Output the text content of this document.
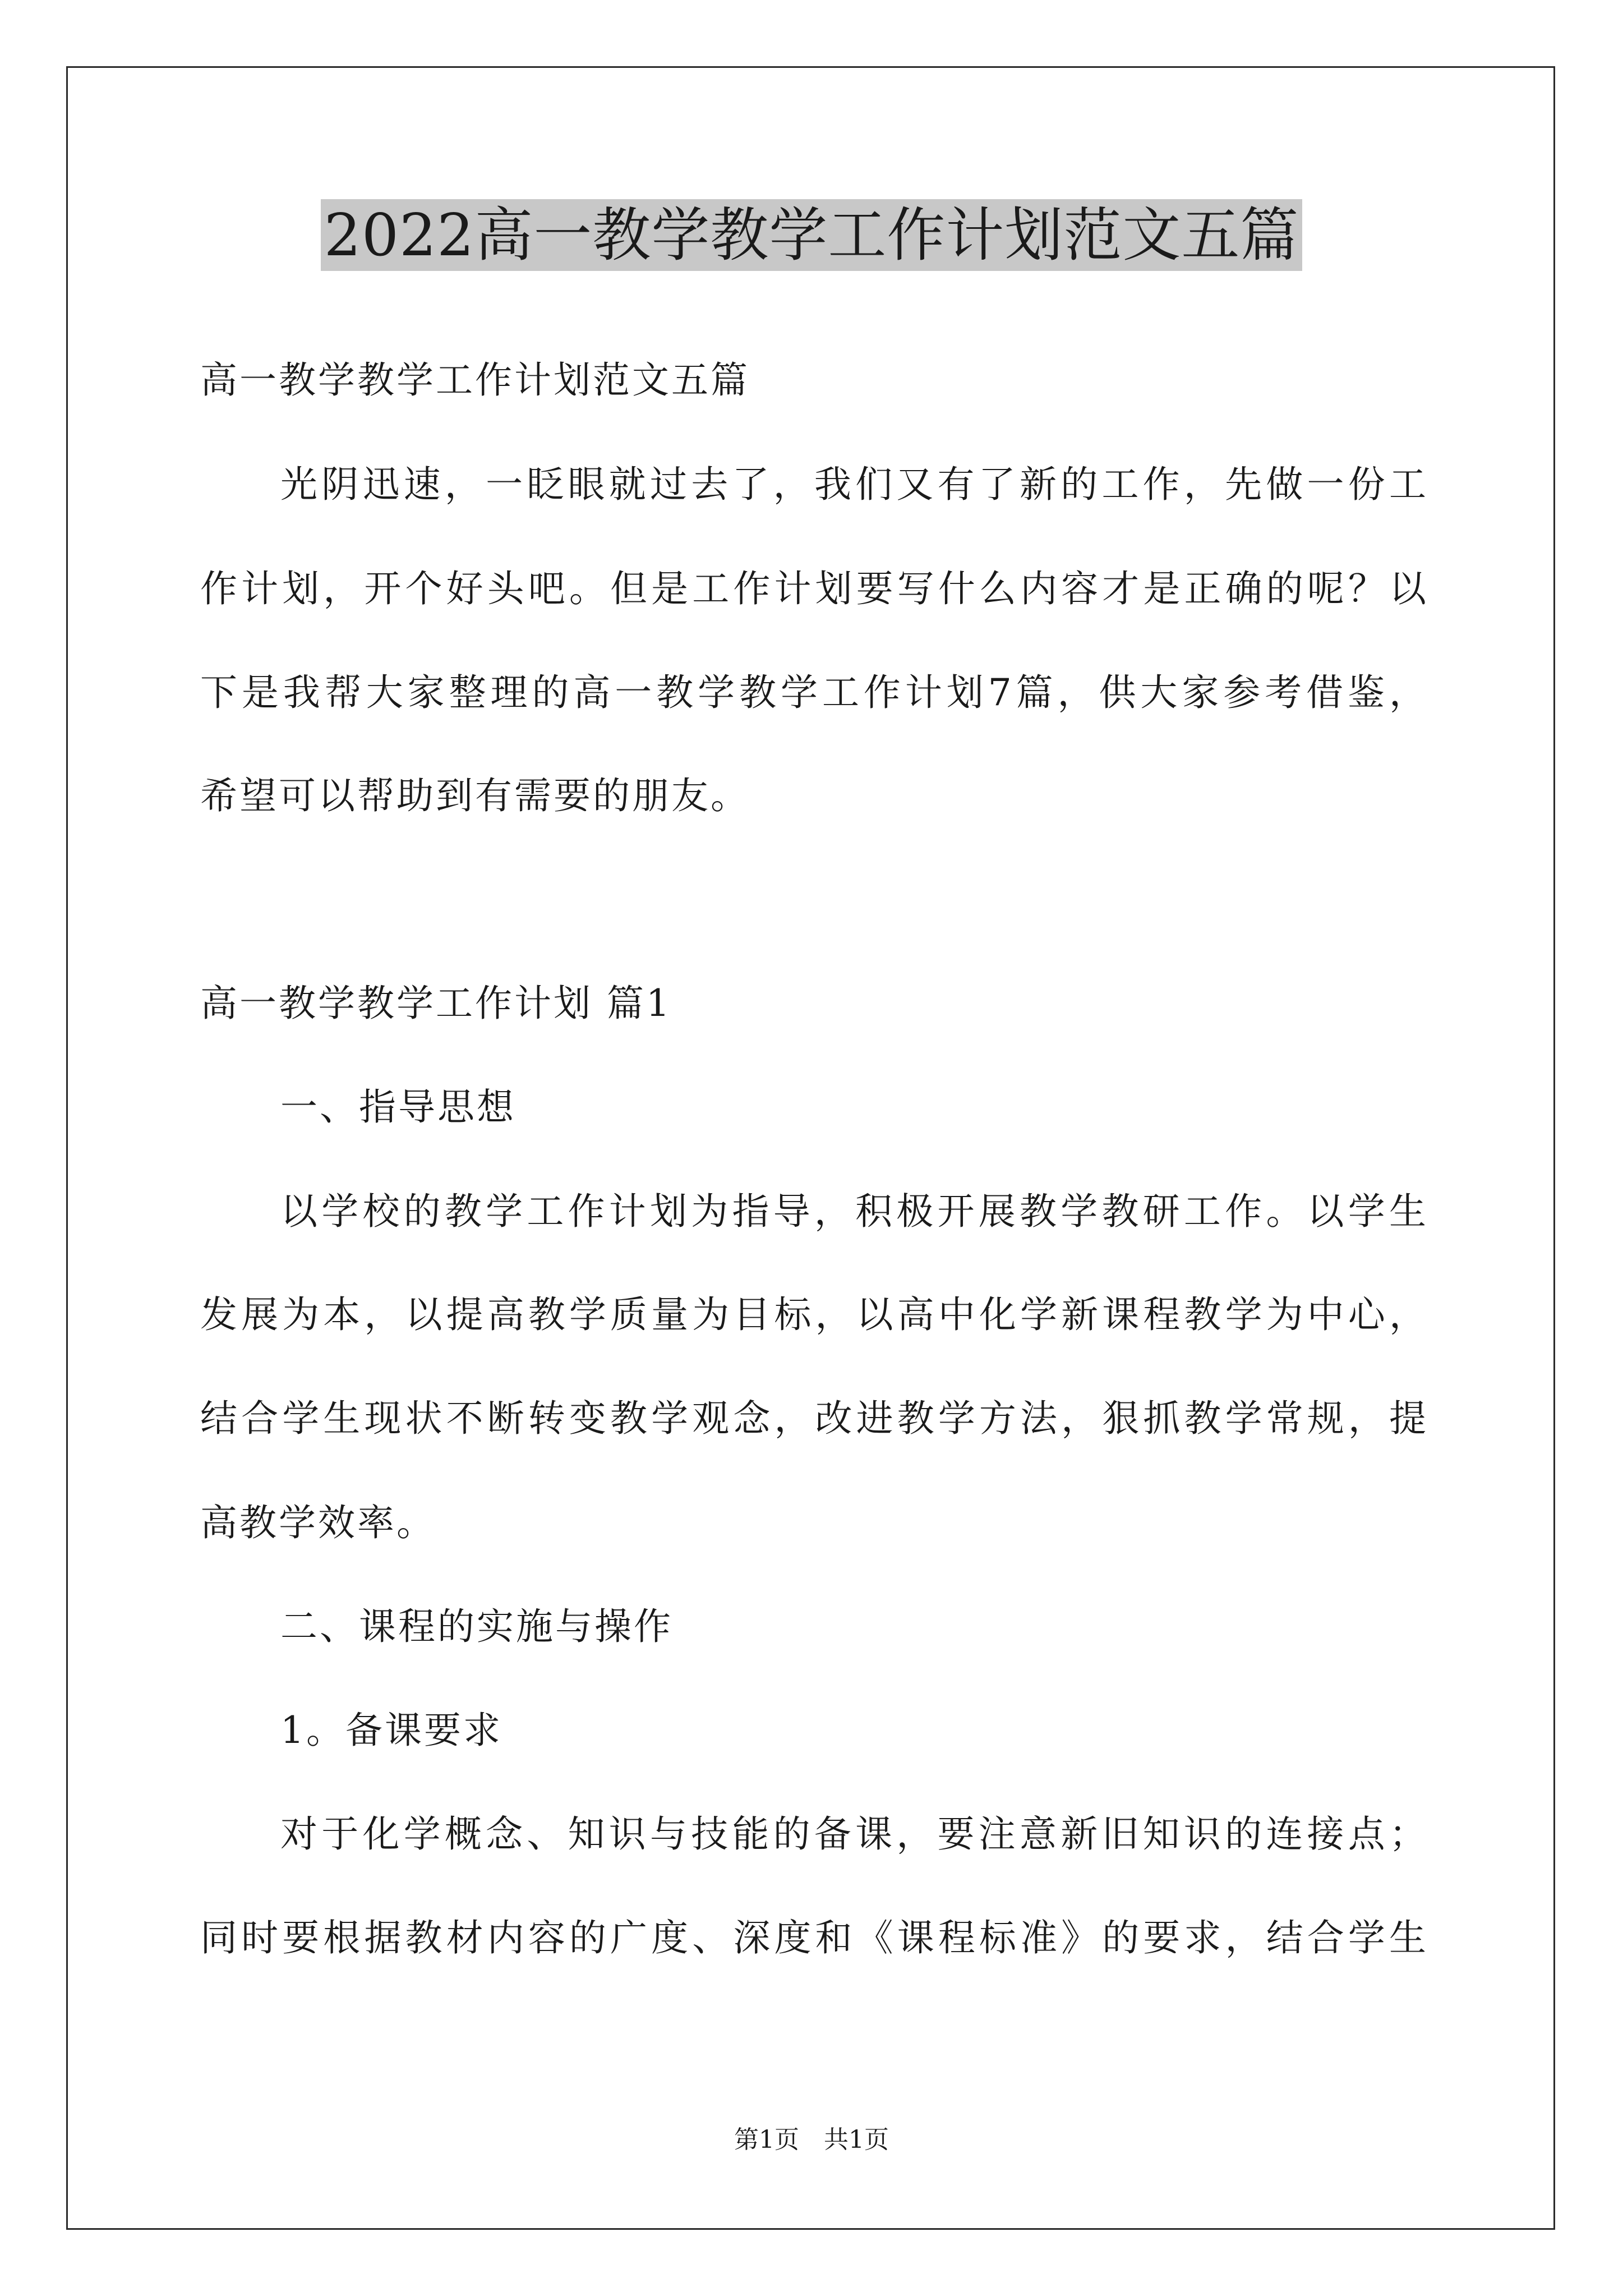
2022高一教学教学工作计划范文五篇
高一教学教学工作计划范文五篇
光阴迅速，一眨眼就过去了，我们又有了新的工作，先做一份工
作计划，开个好头吧。但是工作计划要写什么内容才是正确的呢？以
下是我帮大家整理的高一教学教学工作计划7篇，供大家参考借鉴，
希望可以帮助到有需要的朋友。
高一教学教学工作计划 篇1
一、指导思想
以学校的教学工作计划为指导，积极开展教学教研工作。以学生
发展为本，以提高教学质量为目标，以高中化学新课程教学为中心，
结合学生现状不断转变教学观念，改进教学方法，狠抓教学常规，提
高教学效率。
二、课程的实施与操作
1。备课要求
对于化学概念、知识与技能的备课，要注意新旧知识的连接点；
同时要根据教材内容的广度、深度和《课程标准》的要求，结合学生
第1页　共1页
